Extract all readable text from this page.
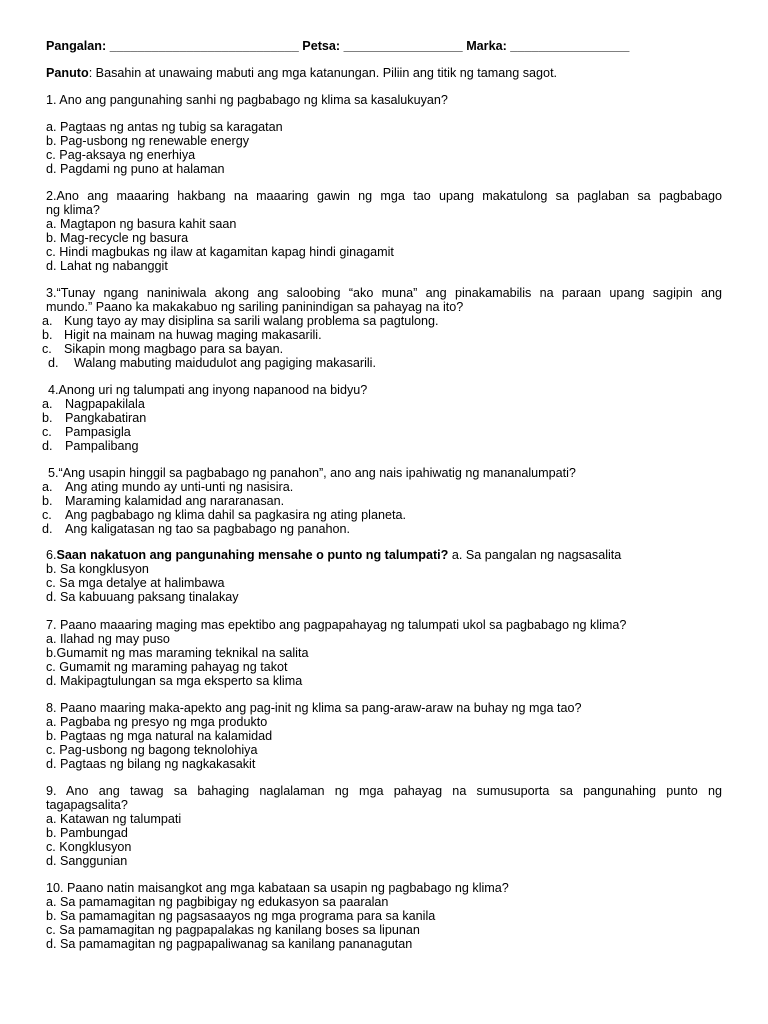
Pangalan: ___________________________ Petsa: _________________ Marka: _________________
Panuto: Basahin at unawaing mabuti ang mga katanungan. Piliin ang titik ng tamang sagot.
1. Ano ang pangunahing sanhi ng pagbabago ng klima sa kasalukuyan?
a. Pagtaas ng antas ng tubig sa karagatan
b. Pag-usbong ng renewable energy
c. Pag-aksaya ng enerhiya
d. Pagdami ng puno at halaman
2.Ano ang maaaring hakbang na maaaring gawin ng mga tao upang makatulong sa paglaban sa pagbabago
ng klima?
a. Magtapon ng basura kahit saan
b. Mag-recycle ng basura
c. Hindi magbukas ng ilaw at kagamitan kapag hindi ginagamit
d. Lahat ng nabanggit
3.“Tunay ngang naniniwala akong ang saloobing “ako muna” ang pinakamabilis na paraan upang sagipin ang
mundo.” Paano ka makakabuo ng sariling paninindigan sa pahayag na ito?
a. Kung tayo ay may disiplina sa sarili walang problema sa pagtulong.
b. Higit na mainam na huwag maging makasarili.
c. Sikapin mong magbago para sa bayan.
d. Walang mabuting maidudulot ang pagiging makasarili.
4.Anong uri ng talumpati ang inyong napanood na bidyu?
a. Nagpapakilala
b. Pangkabatiran
c. Pampasigla
d. Pampalibang
5.“Ang usapin hinggil sa pagbabago ng panahon”, ano ang nais ipahiwatig ng mananalumpati?
a. Ang ating mundo ay unti-unti ng nasisira.
b. Maraming kalamidad ang nararanasan.
c. Ang pagbabago ng klima dahil sa pagkasira ng ating planeta.
d. Ang kaligatasan ng tao sa pagbabago ng panahon.
6.Saan nakatuon ang pangunahing mensahe o punto ng talumpati? a. Sa pangalan ng nagsasalita
b. Sa kongklusyon
c. Sa mga detalye at halimbawa
d. Sa kabuuang paksang tinalakay
7. Paano maaaring maging mas epektibo ang pagpapahayag ng talumpati ukol sa pagbabago ng klima?
a. Ilahad ng may puso
b.Gumamit ng mas maraming teknikal na salita
c. Gumamit ng maraming pahayag ng takot
d. Makipagtulungan sa mga eksperto sa klima
8. Paano maaring maka-apekto ang pag-init ng klima sa pang-araw-araw na buhay ng mga tao?
a. Pagbaba ng presyo ng mga produkto
b. Pagtaas ng mga natural na kalamidad
c. Pag-usbong ng bagong teknolohiya
d. Pagtaas ng bilang ng nagkakasakit
9. Ano ang tawag sa bahaging naglalaman ng mga pahayag na sumusuporta sa pangunahing punto ng
tagapagsalita?
a. Katawan ng talumpati
b. Pambungad
c. Kongklusyon
d. Sanggunian
10. Paano natin maisangkot ang mga kabataan sa usapin ng pagbabago ng klima?
a. Sa pamamagitan ng pagbibigay ng edukasyon sa paaralan
b. Sa pamamagitan ng pagsasaayos ng mga programa para sa kanila
c. Sa pamamagitan ng pagpapalakas ng kanilang boses sa lipunan
d. Sa pamamagitan ng pagpapaliwanag sa kanilang pananagutan
